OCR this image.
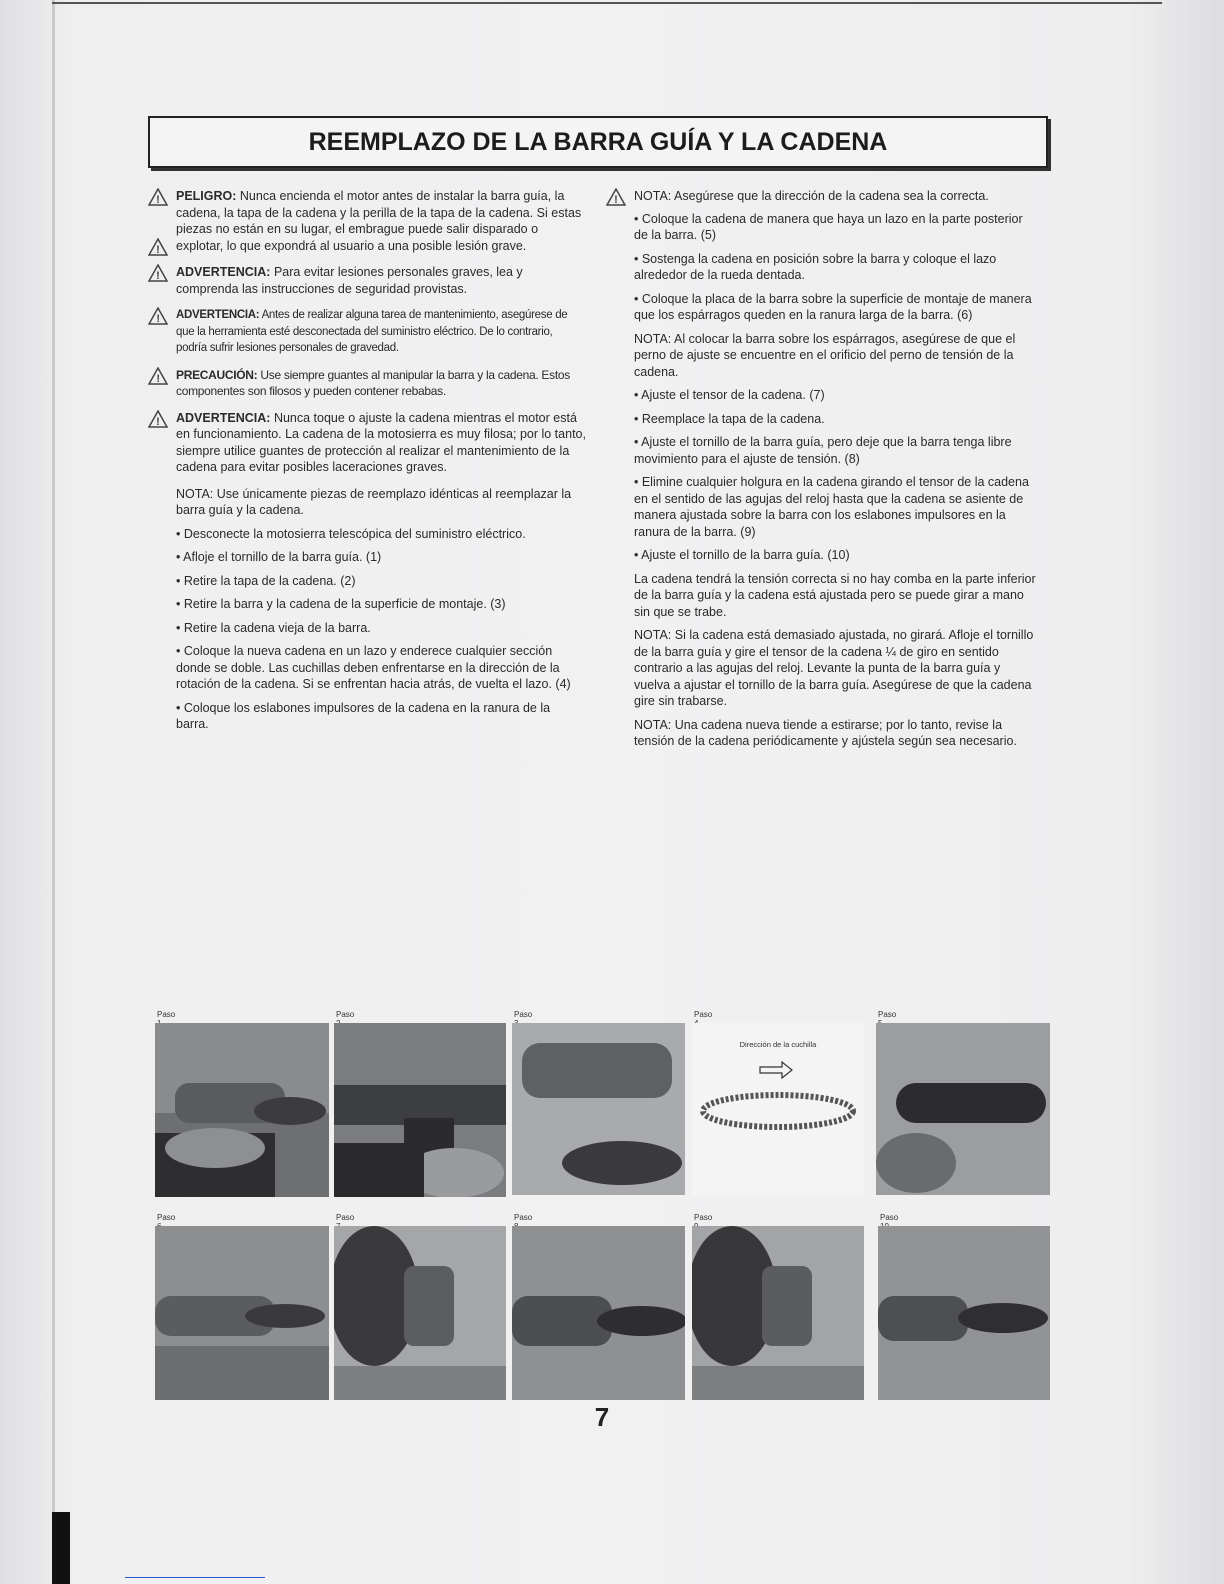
REEMPLAZO DE LA BARRA GUÍA Y LA CADENA
!
!
PELIGRO: Nunca encienda el motor antes de instalar la barra guía, la cadena, la tapa de la cadena y la perilla de la tapa de la cadena. Si estas piezas no están en su lugar, el embrague puede salir disparado o explotar, lo que expondrá al usuario a una posible lesión grave.
! ADVERTENCIA: Para evitar lesiones personales graves, lea y comprenda las instrucciones de seguridad provistas.
! ADVERTENCIA: Antes de realizar alguna tarea de mantenimiento, asegúrese de que la herramienta esté desconectada del suministro eléctrico. De lo contrario, podría sufrir lesiones personales de gravedad.
! PRECAUCIÓN: Use siempre guantes al manipular la barra y la cadena. Estos componentes son filosos y pueden contener rebabas.
! ADVERTENCIA: Nunca toque o ajuste la cadena mientras el motor está en funcionamiento. La cadena de la motosierra es muy filosa; por lo tanto, siempre utilice guantes de protección al realizar el mantenimiento de la cadena para evitar posibles laceraciones graves.

NOTA: Use únicamente piezas de reemplazo idénticas al reemplazar la barra guía y la cadena.

• Desconecte la motosierra telescópica del suministro eléctrico.

• Afloje el tornillo de la barra guía. (1)

• Retire la tapa de la cadena. (2)

• Retire la barra y la cadena de la superficie de montaje. (3)

• Retire la cadena vieja de la barra.

• Coloque la nueva cadena en un lazo y enderece cualquier sección donde se doble. Las cuchillas deben enfrentarse en la dirección de la rotación de la cadena. Si se enfrentan hacia atrás, de vuelta el lazo. (4)

• Coloque los eslabones impulsores de la cadena en la ranura de la barra.

! NOTA: Asegúrese que la dirección de la cadena sea la correcta.

• Coloque la cadena de manera que haya un lazo en la parte posterior de la barra. (5)

• Sostenga la cadena en posición sobre la barra y coloque el lazo alrededor de la rueda dentada.

• Coloque la placa de la barra sobre la superficie de montaje de manera que los espárragos queden en la ranura larga de la barra. (6)

NOTA: Al colocar la barra sobre los espárragos, asegúrese de que el perno de ajuste se encuentre en el orificio del perno de tensión de la cadena.

• Ajuste el tensor de la cadena. (7)

• Reemplace la tapa de la cadena.

• Ajuste el tornillo de la barra guía, pero deje que la barra tenga libre movimiento para el ajuste de tensión. (8)

• Elimine cualquier holgura en la cadena girando el tensor de la cadena en el sentido de las agujas del reloj hasta que la cadena se asiente de manera ajustada sobre la barra con los eslabones impulsores en la ranura de la barra. (9)

• Ajuste el tornillo de la barra guía. (10)

La cadena tendrá la tensión correcta si no hay comba en la parte inferior de la barra guía y la cadena está ajustada pero se puede girar a mano sin que se trabe.

NOTA: Si la cadena está demasiado ajustada, no girará. Afloje el tornillo de la barra guía y gire el tensor de la cadena ¼ de giro en sentido contrario a las agujas del reloj. Levante la punta de la barra guía y vuelva a ajustar el tornillo de la barra guía. Asegúrese de que la cadena gire sin trabarse.

NOTA: Una cadena nueva tiende a estirarse; por lo tanto, revise la tensión de la cadena periódicamente y ajústela según sea necesario.

Paso	Paso	Paso	Paso
Dirección de la cuchilla
Paso
Paso	Paso	Paso	Paso	Paso
7
